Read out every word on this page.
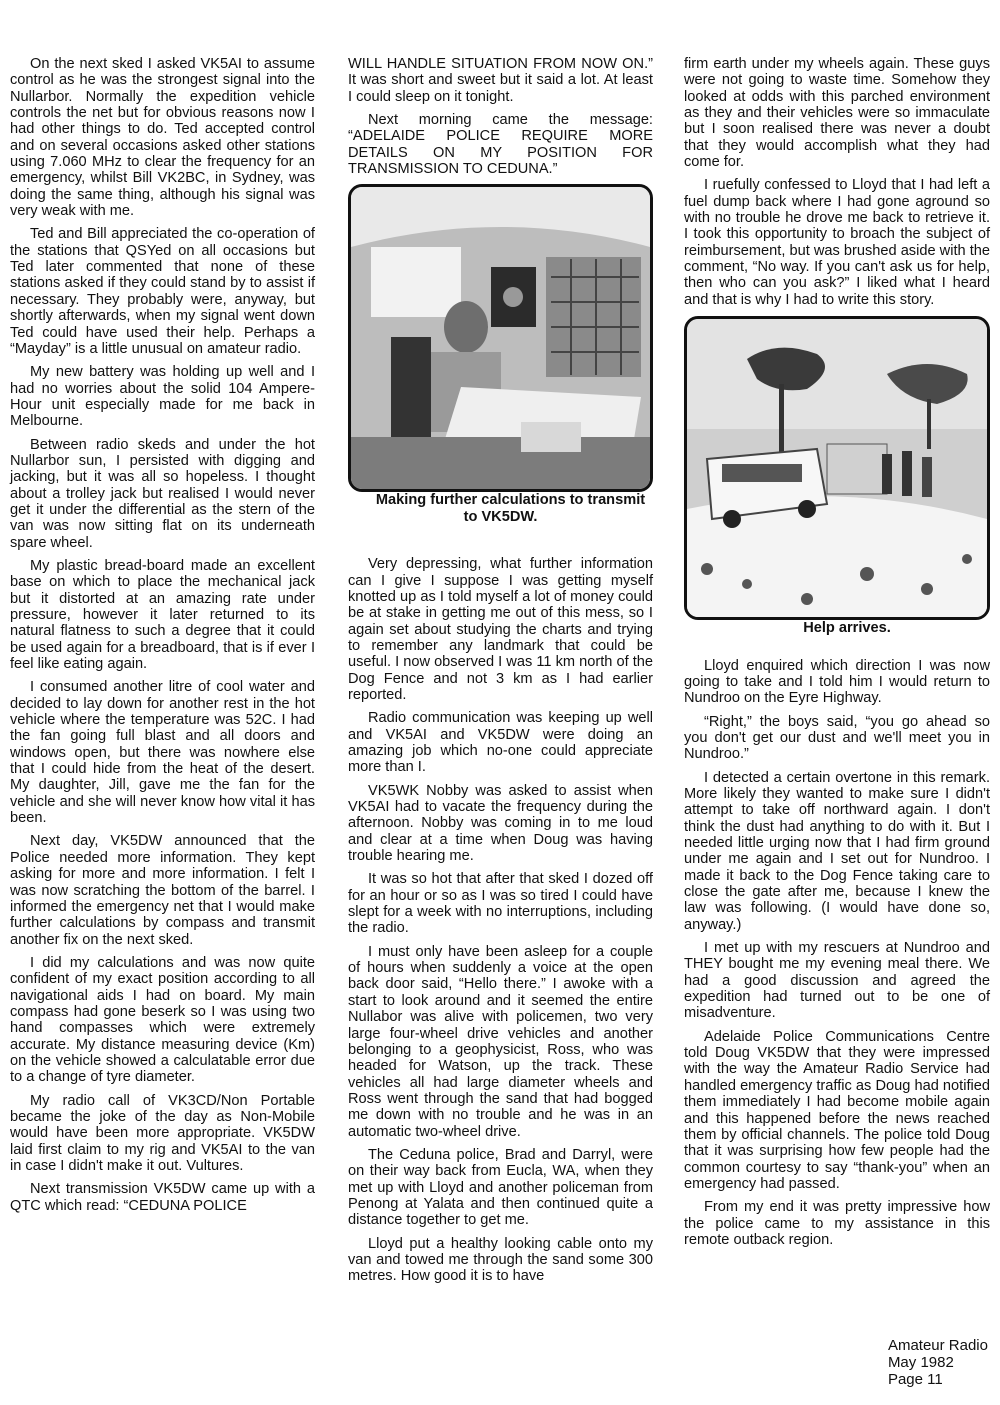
On the next sked I asked VK5AI to assume control as he was the strongest signal into the Nullarbor. Normally the expedition vehicle controls the net but for obvious reasons now I had other things to do. Ted accepted control and on several occasions asked other stations using 7.060 MHz to clear the frequency for an emergency, whilst Bill VK2BC, in Sydney, was doing the same thing, although his signal was very weak with me.

Ted and Bill appreciated the co-operation of the stations that QSYed on all occasions but Ted later commented that none of these stations asked if they could stand by to assist if necessary. They probably were, anyway, but shortly afterwards, when my signal went down Ted could have used their help. Perhaps a “Mayday” is a little unusual on amateur radio.

My new battery was holding up well and I had no worries about the solid 104 Ampere-Hour unit especially made for me back in Melbourne.

Between radio skeds and under the hot Nullarbor sun, I persisted with digging and jacking, but it was all so hopeless. I thought about a trolley jack but realised I would never get it under the differential as the stern of the van was now sitting flat on its underneath spare wheel.

My plastic bread-board made an excellent base on which to place the mechanical jack but it distorted at an amazing rate under pressure, however it later returned to its natural flatness to such a degree that it could be used again for a breadboard, that is if ever I feel like eating again.

I consumed another litre of cool water and decided to lay down for another rest in the hot vehicle where the temperature was 52C. I had the fan going full blast and all doors and windows open, but there was nowhere else that I could hide from the heat of the desert. My daughter, Jill, gave me the fan for the vehicle and she will never know how vital it has been.

Next day, VK5DW announced that the Police needed more information. They kept asking for more and more information. I felt I was now scratching the bottom of the barrel. I informed the emergency net that I would make further calculations by compass and transmit another fix on the next sked.

I did my calculations and was now quite confident of my exact position according to all navigational aids I had on board. My main compass had gone beserk so I was using two hand compasses which were extremely accurate. My distance measuring device (Km) on the vehicle showed a calculatable error due to a change of tyre diameter.

My radio call of VK3CD/Non Portable became the joke of the day as Non-Mobile would have been more appropriate. VK5DW laid first claim to my rig and VK5AI to the van in case I didn't make it out. Vultures.

Next transmission VK5DW came up with a QTC which read: “CEDUNA POLICE

WILL HANDLE SITUATION FROM NOW ON.” It was short and sweet but it said a lot. At least I could sleep on it tonight.

Next morning came the message: “ADELAIDE POLICE REQUIRE MORE DETAILS ON MY POSITION FOR TRANSMISSION TO CEDUNA.”

Making further calculations to transmit to VK5DW.

Very depressing, what further information can I give I suppose I was getting myself knotted up as I told myself a lot of money could be at stake in getting me out of this mess, so I again set about studying the charts and trying to remember any landmark that could be useful. I now observed I was 11 km north of the Dog Fence and not 3 km as I had earlier reported.

Radio communication was keeping up well and VK5AI and VK5DW were doing an amazing job which no-one could appreciate more than I.

VK5WK Nobby was asked to assist when VK5AI had to vacate the frequency during the afternoon. Nobby was coming in to me loud and clear at a time when Doug was having trouble hearing me.

It was so hot that after that sked I dozed off for an hour or so as I was so tired I could have slept for a week with no interruptions, including the radio.

I must only have been asleep for a couple of hours when suddenly a voice at the open back door said, “Hello there.” I awoke with a start to look around and it seemed the entire Nullabor was alive with policemen, two very large four-wheel drive vehicles and another belonging to a geophysicist, Ross, who was headed for Watson, up the track. These vehicles all had large diameter wheels and Ross went through the sand that had bogged me down with no trouble and he was in an automatic two-wheel drive.

The Ceduna police, Brad and Darryl, were on their way back from Eucla, WA, when they met up with Lloyd and another policeman from Penong at Yalata and then continued quite a distance together to get me.

Lloyd put a healthy looking cable onto my van and towed me through the sand some 300 metres. How good it is to have

firm earth under my wheels again. These guys were not going to waste time. Somehow they looked at odds with this parched environment as they and their vehicles were so immaculate but I soon realised there was never a doubt that they would accomplish what they had come for.

I ruefully confessed to Lloyd that I had left a fuel dump back where I had gone aground so with no trouble he drove me back to retrieve it. I took this opportunity to broach the subject of reimbursement, but was brushed aside with the comment, “No way. If you can't ask us for help, then who can you ask?” I liked what I heard and that is why I had to write this story.

Help arrives.

Lloyd enquired which direction I was now going to take and I told him I would return to Nundroo on the Eyre Highway.

“Right,” the boys said, “you go ahead so you don't get our dust and we'll meet you in Nundroo.”

I detected a certain overtone in this remark. More likely they wanted to make sure I didn't attempt to take off northward again. I don't think the dust had anything to do with it. But I needed little urging now that I had firm ground under me again and I set out for Nundroo. I made it back to the Dog Fence taking care to close the gate after me, because I knew the law was following. (I would have done so, anyway.)

I met up with my rescuers at Nundroo and THEY bought me my evening meal there. We had a good discussion and agreed the expedition had turned out to be one of misadventure.

Adelaide Police Communications Centre told Doug VK5DW that they were impressed with the way the Amateur Radio Service had handled emergency traffic as Doug had notified them immediately I had become mobile again and this happened before the news reached them by official channels. The police told Doug that it was surprising how few people had the common courtesy to say “thank-you” when an emergency had passed.

From my end it was pretty impressive how the police came to my assistance in this remote outback region.

Amateur Radio
May 1982
Page 11
